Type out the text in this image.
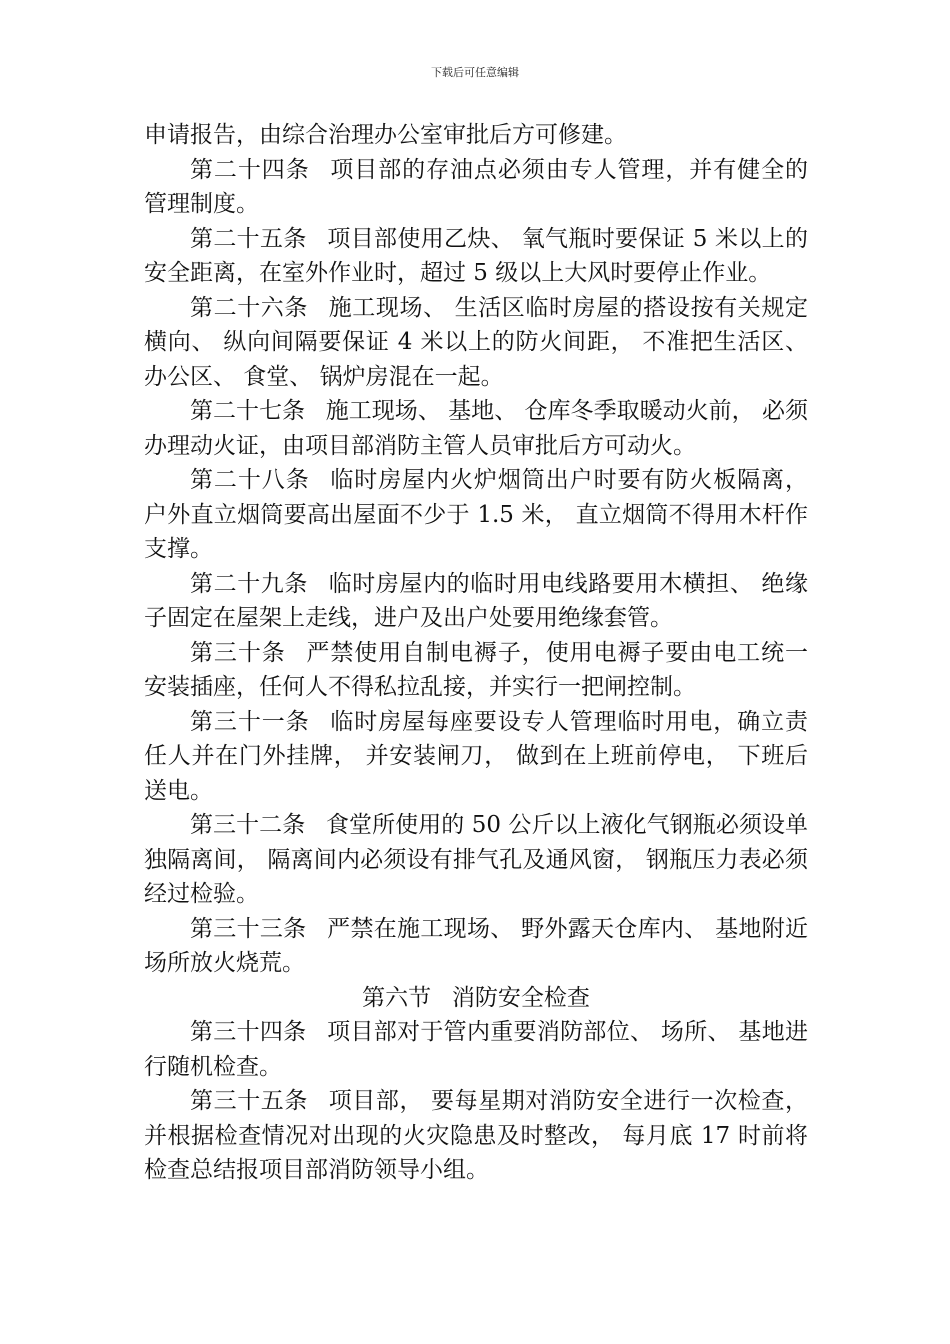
下载后可任意编辑

申请报告，由综合治理办公室审批后方可修建。

第二十四条 项目部的存油点必须由专人管理，并有健全的管理制度。

第二十五条 项目部使用乙炔、 氧气瓶时要保证 5 米以上的安全距离，在室外作业时，超过 5 级以上大风时要停止作业。

第二十六条 施工现场、 生活区临时房屋的搭设按有关规定横向、 纵向间隔要保证 4 米以上的防火间距， 不准把生活区、 办公区、 食堂、 锅炉房混在一起。

第二十七条 施工现场、 基地、 仓库冬季取暖动火前， 必须办理动火证，由项目部消防主管人员审批后方可动火。

第二十八条 临时房屋内火炉烟筒出户时要有防火板隔离，户外直立烟筒要高出屋面不少于 1.5 米， 直立烟筒不得用木杆作支撑。

第二十九条 临时房屋内的临时用电线路要用木横担、 绝缘子固定在屋架上走线，进户及出户处要用绝缘套管。

第三十条 严禁使用自制电褥子，使用电褥子要由电工统一安装插座，任何人不得私拉乱接，并实行一把闸控制。

第三十一条 临时房屋每座要设专人管理临时用电，确立责任人并在门外挂牌， 并安装闸刀， 做到在上班前停电， 下班后送电。

第三十二条 食堂所使用的 50 公斤以上液化气钢瓶必须设单独隔离间， 隔离间内必须设有排气孔及通风窗， 钢瓶压力表必须经过检验。

第三十三条 严禁在施工现场、 野外露天仓库内、 基地附近场所放火烧荒。

第六节 消防安全检查

第三十四条 项目部对于管内重要消防部位、 场所、 基地进行随机检查。

第三十五条 项目部， 要每星期对消防安全进行一次检查，并根据检查情况对出现的火灾隐患及时整改， 每月底 17 时前将检查总结报项目部消防领导小组。
